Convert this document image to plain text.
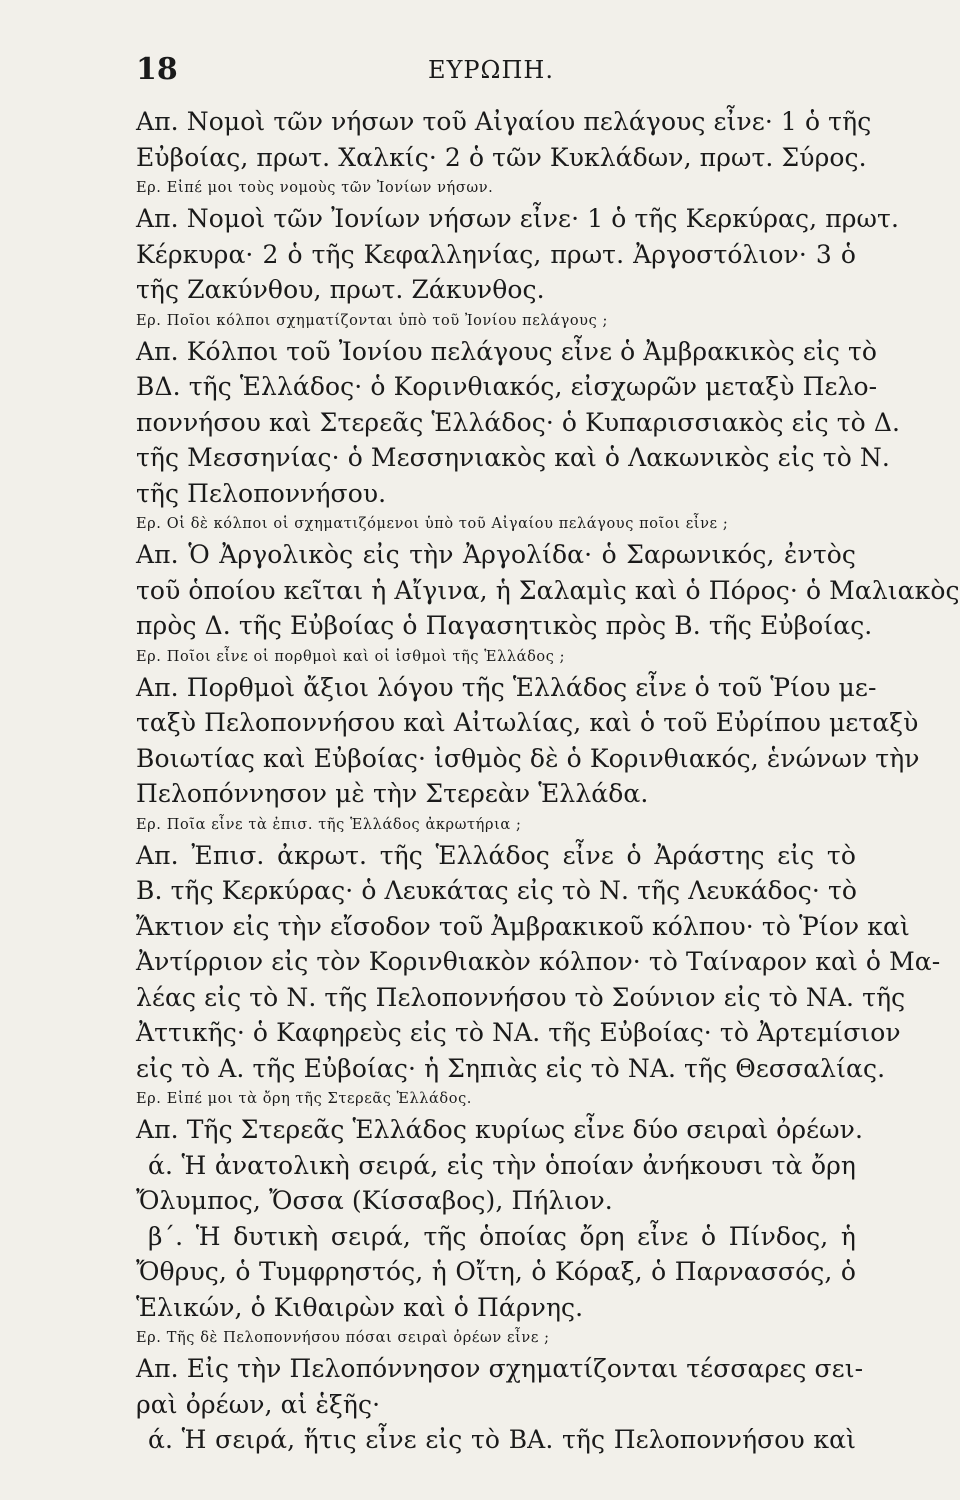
18	ΕΥΡΩΠΗ.
Απ. Νομοὶ τῶν νήσων τοῦ Αἰγαίου πελάγους εἶνε· 1 ὁ τῆς
Εὐβοίας, πρωτ. Χαλκίς· 2 ὁ τῶν Κυκλάδων, πρωτ. Σύρος.
Ερ. Εἰπέ μοι τοὺς νομοὺς τῶν Ἰονίων νήσων.
Απ. Νομοὶ τῶν Ἰονίων νήσων εἶνε· 1 ὁ τῆς Κερκύρας, πρωτ.
Κέρκυρα· 2 ὁ τῆς Κεφαλληνίας, πρωτ. Ἀργοστόλιον· 3 ὁ
τῆς Ζακύνθου, πρωτ. Ζάκυνθος.
Ερ. Ποῖοι κόλποι σχηματίζονται ὑπὸ τοῦ Ἰονίου πελάγους ;
Απ. Κόλποι τοῦ Ἰονίου πελάγους εἶνε ὁ Ἀμβρακικὸς εἰς τὸ
ΒΔ. τῆς Ἑλλάδος· ὁ Κορινθιακός, εἰσχωρῶν μεταξὺ Πελο-
ποννήσου καὶ Στερεᾶς Ἑλλάδος· ὁ Κυπαρισσιακὸς εἰς τὸ Δ.
τῆς Μεσσηνίας· ὁ Μεσσηνιακὸς καὶ ὁ Λακωνικὸς εἰς τὸ Ν.
τῆς Πελοποννήσου.
Ερ. Οἱ δὲ κόλποι οἱ σχηματιζόμενοι ὑπὸ τοῦ Αἰγαίου πελάγους ποῖοι εἶνε ;
Απ. Ὁ Ἀργολικὸς εἰς τὴν Ἀργολίδα· ὁ Σαρωνικός, ἐντὸς
τοῦ ὁποίου κεῖται ἡ Αἴγινα, ἡ Σαλαμὶς καὶ ὁ Πόρος· ὁ Μαλιακὸς
πρὸς Δ. τῆς Εὐβοίας ὁ Παγασητικὸς πρὸς Β. τῆς Εὐβοίας.
Ερ. Ποῖοι εἶνε οἱ πορθμοὶ καὶ οἱ ἰσθμοὶ τῆς Ἑλλάδος ;
Απ. Πορθμοὶ ἄξιοι λόγου τῆς Ἑλλάδος εἶνε ὁ τοῦ Ῥίου με-
ταξὺ Πελοποννήσου καὶ Αἰτωλίας, καὶ ὁ τοῦ Εὐρίπου μεταξὺ
Βοιωτίας καὶ Εὐβοίας· ἰσθμὸς δὲ ὁ Κορινθιακός, ἑνώνων τὴν
Πελοπόννησον μὲ τὴν Στερεὰν Ἑλλάδα.
Ερ. Ποῖα εἶνε τὰ ἐπισ. τῆς Ἑλλάδος ἀκρωτήρια ;
Απ. Ἐπισ. ἀκρωτ. τῆς Ἑλλάδος εἶνε ὁ Ἀράστης εἰς τὸ
Β. τῆς Κερκύρας· ὁ Λευκάτας εἰς τὸ Ν. τῆς Λευκάδος· τὸ
Ἄκτιον εἰς τὴν εἴσοδον τοῦ Ἀμβρακικοῦ κόλπου· τὸ Ῥίον καὶ
Ἀντίρριον εἰς τὸν Κορινθιακὸν κόλπον· τὸ Ταίναρον καὶ ὁ Μα-
λέας εἰς τὸ Ν. τῆς Πελοποννήσου τὸ Σούνιον εἰς τὸ ΝΑ. τῆς
Ἀττικῆς· ὁ Καφηρεὺς εἰς τὸ ΝΑ. τῆς Εὐβοίας· τὸ Ἀρτεμίσιον
εἰς τὸ Α. τῆς Εὐβοίας· ἡ Σηπιὰς εἰς τὸ ΝΑ. τῆς Θεσσαλίας.
Ερ. Εἰπέ μοι τὰ ὄρη τῆς Στερεᾶς Ἑλλάδος.
Απ. Τῆς Στερεᾶς Ἑλλάδος κυρίως εἶνε δύο σειραὶ ὀρέων.
ά. Ἡ ἀνατολικὴ σειρά, εἰς τὴν ὁποίαν ἀνήκουσι τὰ ὄρη
Ὄλυμπος, Ὄσσα (Κίσσαβος), Πήλιον.
β΄. Ἡ δυτικὴ σειρά, τῆς ὁποίας ὄρη εἶνε ὁ Πίνδος, ἡ
Ὄθρυς, ὁ Τυμφρηστός, ἡ Οἴτη, ὁ Κόραξ, ὁ Παρνασσός, ὁ
Ἑλικών, ὁ Κιθαιρὼν καὶ ὁ Πάρνης.
Ερ. Τῆς δὲ Πελοποννήσου πόσαι σειραὶ ὀρέων εἶνε ;
Απ. Εἰς τὴν Πελοπόννησον σχηματίζονται τέσσαρες σει-
ραὶ ὀρέων, αἱ ἑξῆς·
ά. Ἡ σειρά, ἥτις εἶνε εἰς τὸ ΒΑ. τῆς Πελοποννήσου καὶ
